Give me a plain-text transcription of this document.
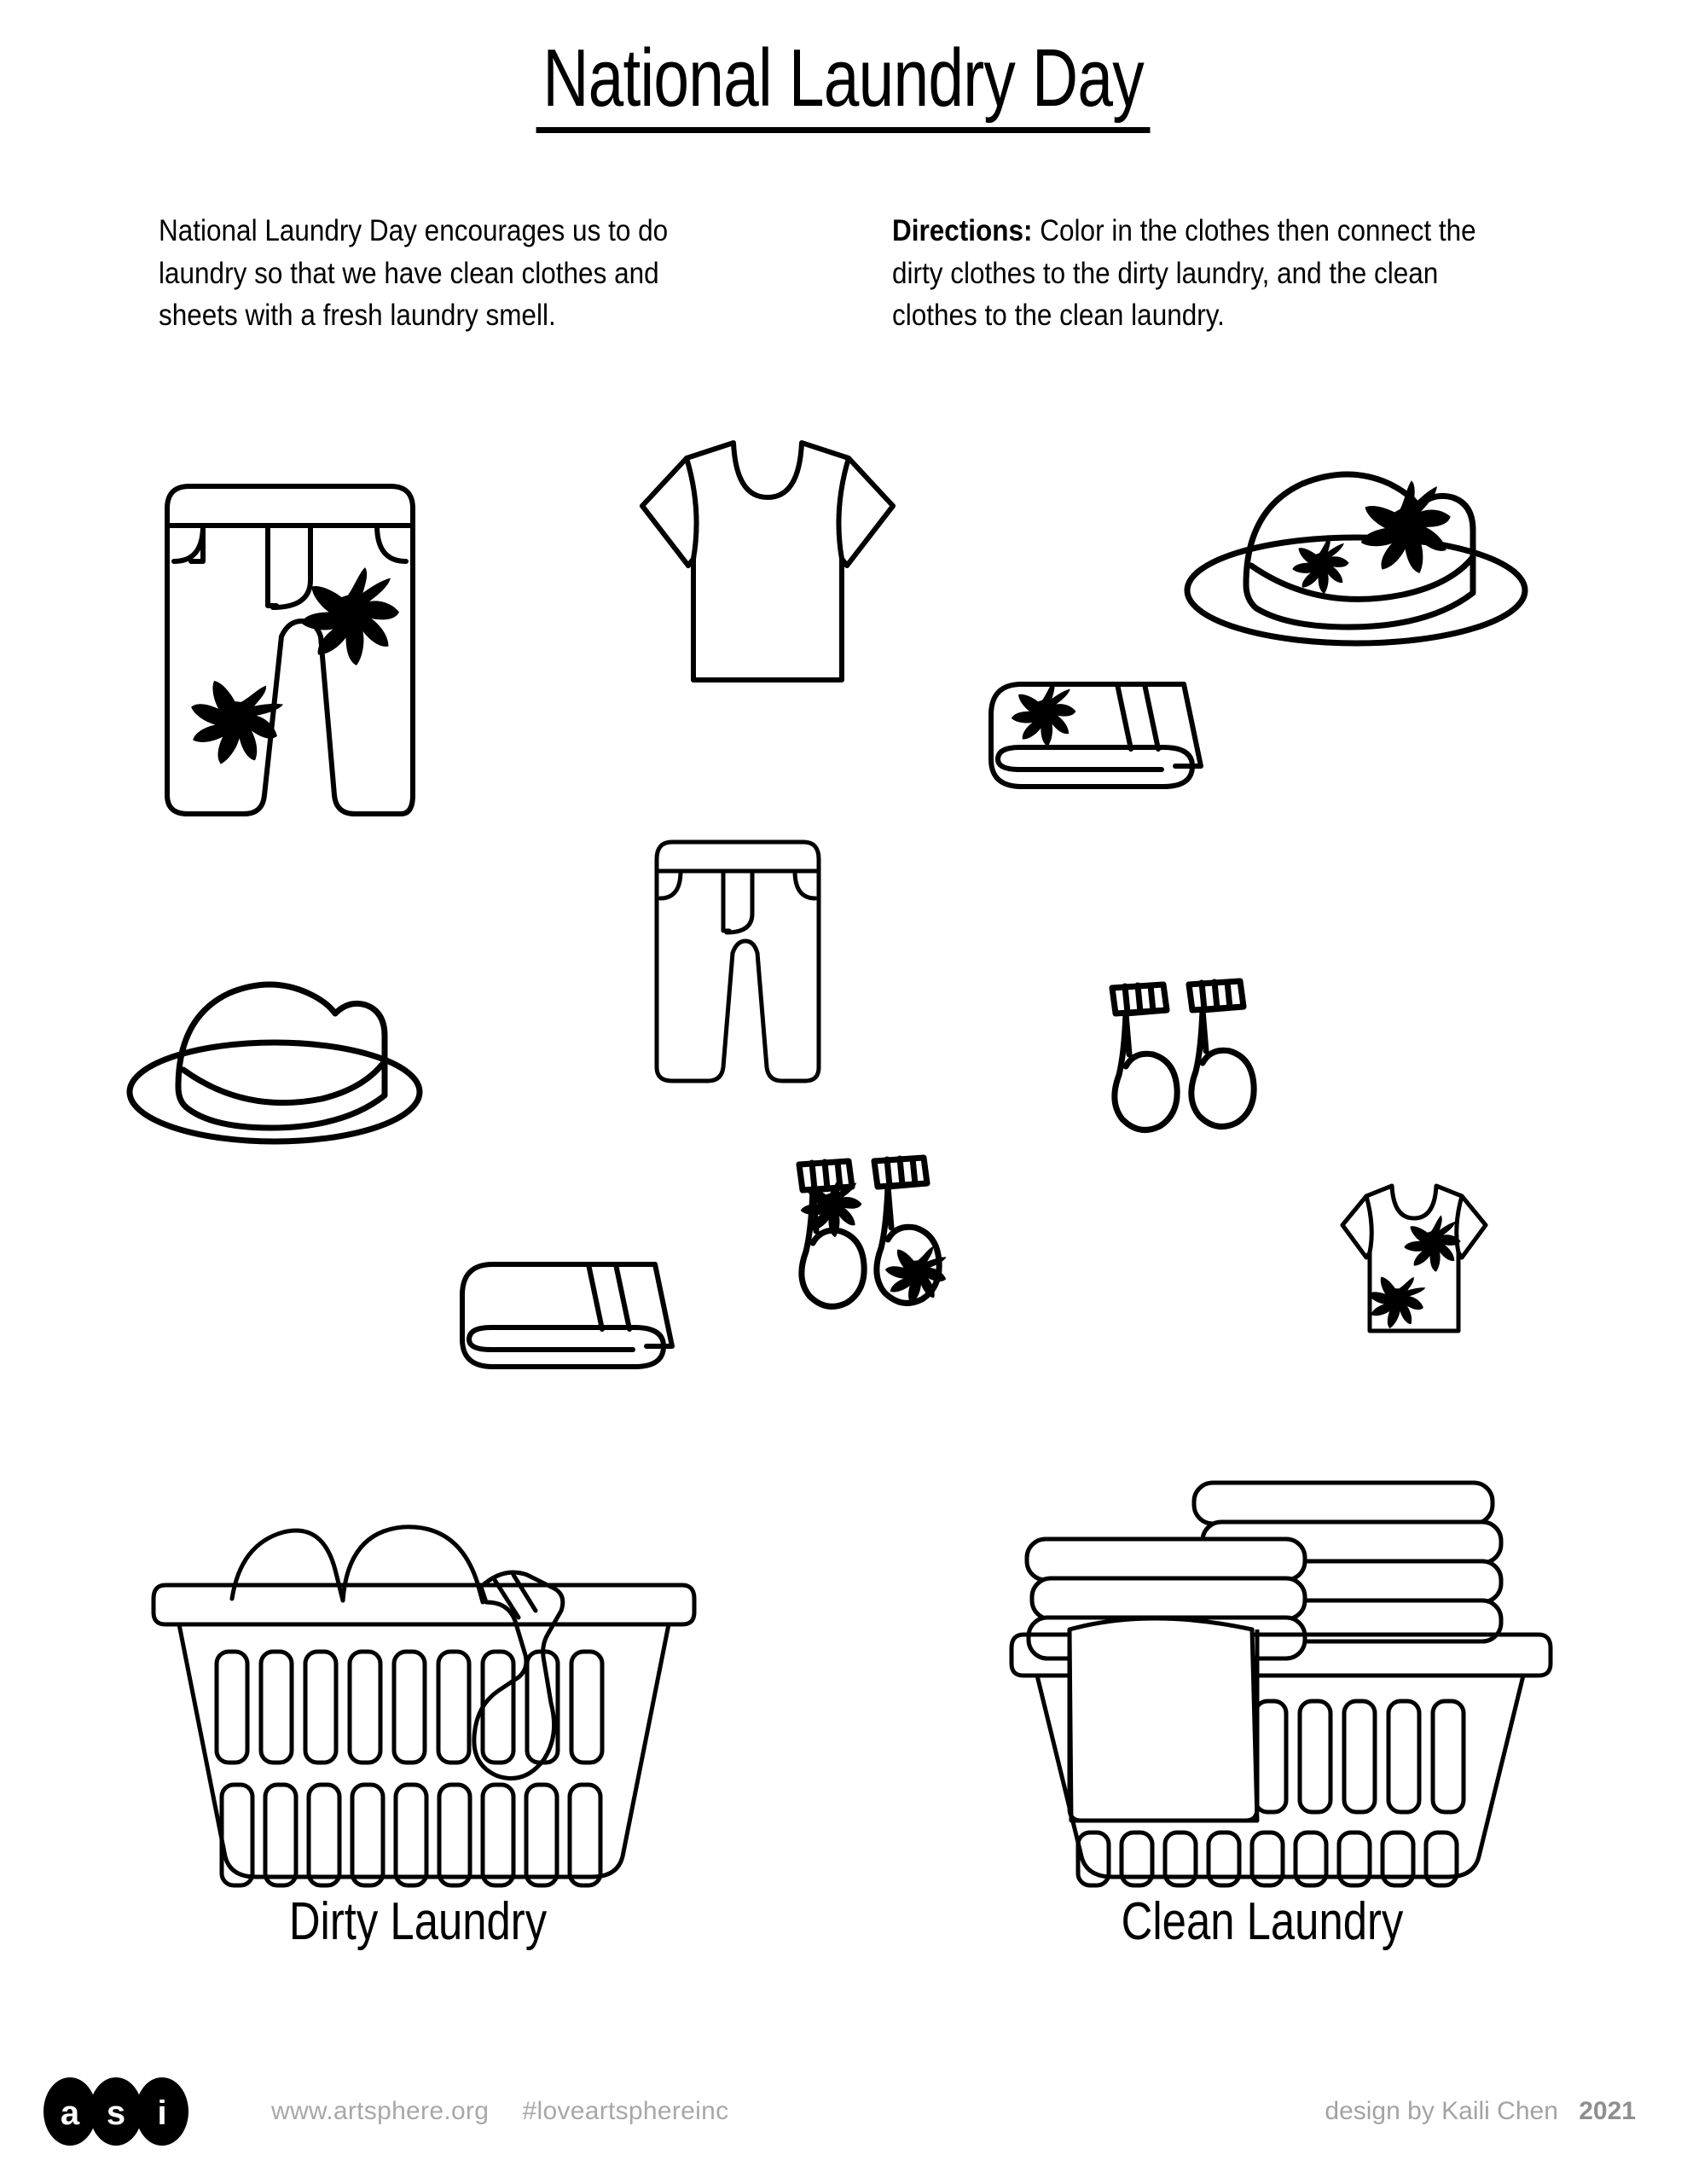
National Laundry Day
National Laundry Day encourages us to do laundry so that we have clean clothes and sheets with a fresh laundry smell.
Directions: Color in the clothes then connect the dirty clothes to the dirty laundry, and the clean clothes to the clean laundry.
Dirty Laundry	Clean Laundry
a s i	www.artsphere.org #loveartsphereinc	design by Kaili Chen 2021
